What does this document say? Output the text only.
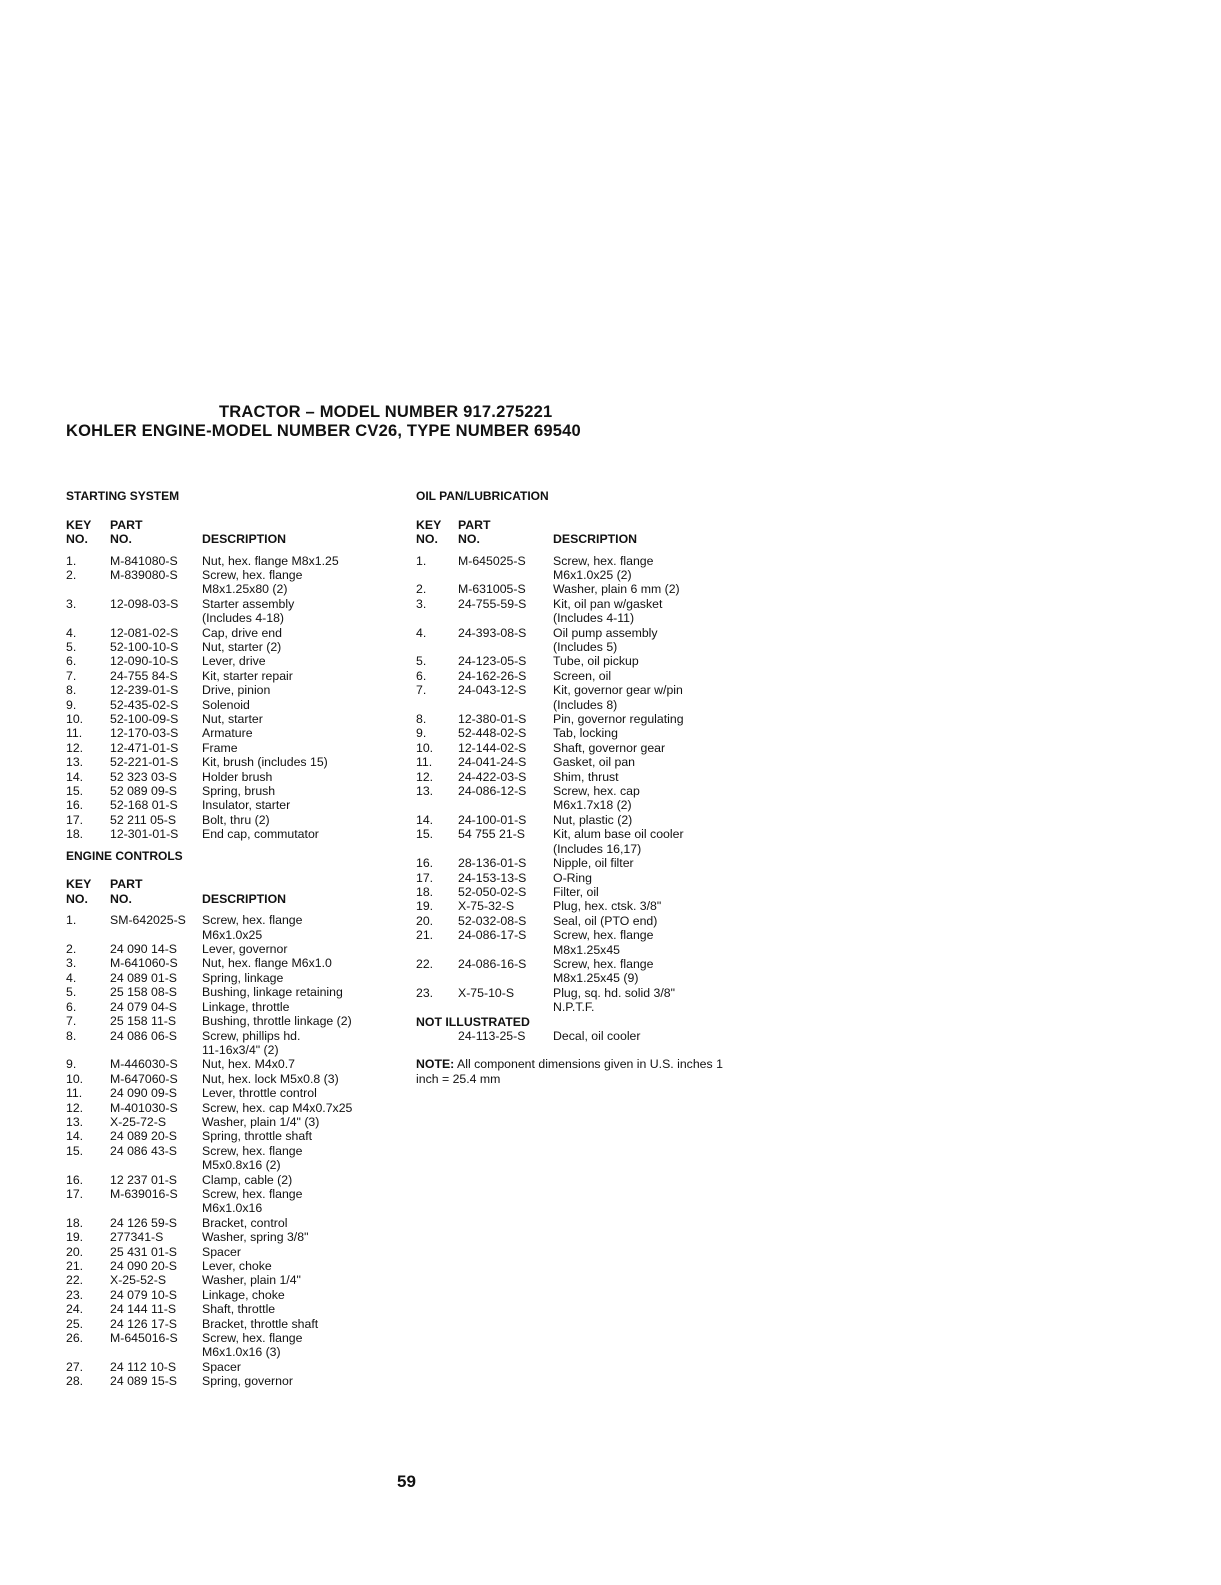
TRACTOR – MODEL NUMBER 917.275221
KOHLER ENGINE-MODEL NUMBER CV26, TYPE NUMBER 69540
STARTING SYSTEM
KEY	PART
NO.	NO.	DESCRIPTION
1.	M-841080-S	Nut, hex. flange M8x1.25
2.	M-839080-S	Screw, hex. flange
M8x1.25x80 (2)
3.	12-098-03-S	Starter assembly
(Includes 4-18)
4.	12-081-02-S	Cap, drive end
5.	52-100-10-S	Nut, starter (2)
6.	12-090-10-S	Lever, drive
7.	24-755 84-S	Kit, starter repair
8.	12-239-01-S	Drive, pinion
9.	52-435-02-S	Solenoid
10.	52-100-09-S	Nut, starter
11.	12-170-03-S	Armature
12.	12-471-01-S	Frame
13.	52-221-01-S	Kit, brush (includes 15)
14.	52 323 03-S	Holder brush
15.	52 089 09-S	Spring, brush
16.	52-168 01-S	Insulator, starter
17.	52 211 05-S	Bolt, thru (2)
18.	12-301-01-S	End cap, commutator
ENGINE CONTROLS
KEY	PART
NO.	NO.	DESCRIPTION
1.	SM-642025-S	Screw, hex. flange
M6x1.0x25
2.	24 090 14-S	Lever, governor
3.	M-641060-S	Nut, hex. flange M6x1.0
4.	24 089 01-S	Spring, linkage
5.	25 158 08-S	Bushing, linkage retaining
6.	24 079 04-S	Linkage, throttle
7.	25 158 11-S	Bushing, throttle linkage (2)
8.	24 086 06-S	Screw, phillips hd.
11-16x3/4" (2)
9.	M-446030-S	Nut, hex. M4x0.7
10.	M-647060-S	Nut, hex. lock M5x0.8 (3)
11.	24 090 09-S	Lever, throttle control
12.	M-401030-S	Screw, hex. cap M4x0.7x25
13.	X-25-72-S	Washer, plain 1/4" (3)
14.	24 089 20-S	Spring, throttle shaft
15.	24 086 43-S	Screw, hex. flange
M5x0.8x16 (2)
16.	12 237 01-S	Clamp, cable (2)
17.	M-639016-S	Screw, hex. flange
M6x1.0x16
18.	24 126 59-S	Bracket, control
19.	277341-S	Washer, spring 3/8"
20.	25 431 01-S	Spacer
21.	24 090 20-S	Lever, choke
22.	X-25-52-S	Washer, plain 1/4"
23.	24 079 10-S	Linkage, choke
24.	24 144 11-S	Shaft, throttle
25.	24 126 17-S	Bracket, throttle shaft
26.	M-645016-S	Screw, hex. flange
M6x1.0x16 (3)
27.	24 112 10-S	Spacer
28.	24 089 15-S	Spring, governor
OIL PAN/LUBRICATION
KEY	PART
NO.	NO.	DESCRIPTION
1.	M-645025-S	Screw, hex. flange
M6x1.0x25 (2)
2.	M-631005-S	Washer, plain 6 mm (2)
3.	24-755-59-S	Kit, oil pan w/gasket
(Includes 4-11)
4.	24-393-08-S	Oil pump assembly
(Includes 5)
5.	24-123-05-S	Tube, oil pickup
6.	24-162-26-S	Screen, oil
7.	24-043-12-S	Kit, governor gear w/pin
(Includes 8)
8.	12-380-01-S	Pin, governor regulating
9.	52-448-02-S	Tab, locking
10.	12-144-02-S	Shaft, governor gear
11.	24-041-24-S	Gasket, oil pan
12.	24-422-03-S	Shim, thrust
13.	24-086-12-S	Screw, hex. cap
M6x1.7x18 (2)
14.	24-100-01-S	Nut, plastic (2)
15.	54 755 21-S	Kit, alum base oil cooler
(Includes 16,17)
16.	28-136-01-S	Nipple, oil filter
17.	24-153-13-S	O-Ring
18.	52-050-02-S	Filter, oil
19.	X-75-32-S	Plug, hex. ctsk. 3/8"
20.	52-032-08-S	Seal, oil (PTO end)
21.	24-086-17-S	Screw, hex. flange
M8x1.25x45
22.	24-086-16-S	Screw, hex. flange
M8x1.25x45 (9)
23.	X-75-10-S	Plug, sq. hd. solid 3/8"
N.P.T.F.
NOT ILLUSTRATED
24-113-25-S	Decal, oil cooler
NOTE: All component dimensions given in U.S. inches 1 inch = 25.4 mm
59
